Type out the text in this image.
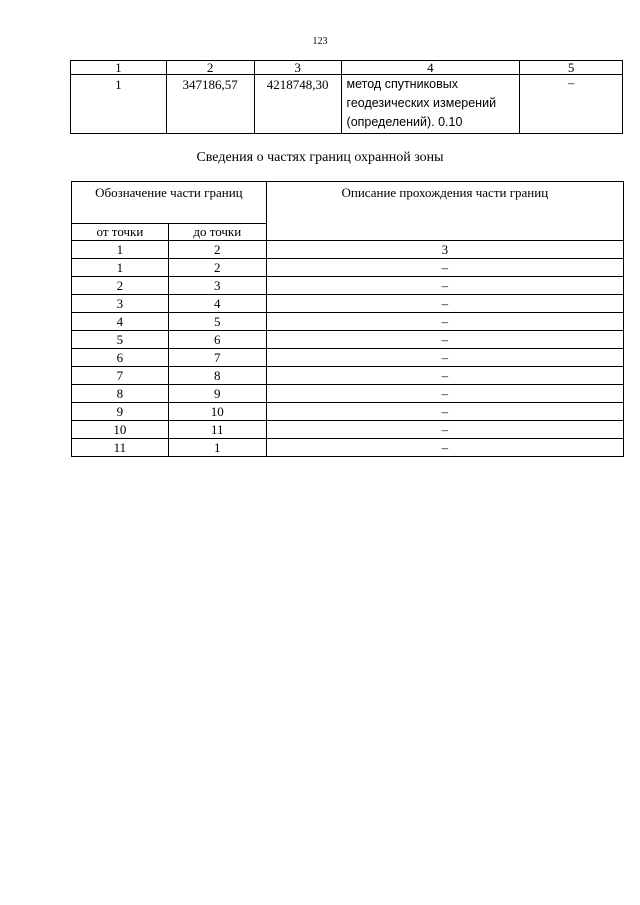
123
1	2	3	4	5
1	347186,57	4218748,30	метод спутниковых
геодезических измерений
(определений). 0.10	–
Сведения о частях границ охранной зоны
Обозначение части границ		Описание прохождения части границ
от точки	до точки	
1	2	3
1	2	–
2	3	–
3	4	–
4	5	–
5	6	–
6	7	–
7	8	–
8	9	–
9	10	–
10	11	–
11	1	–
